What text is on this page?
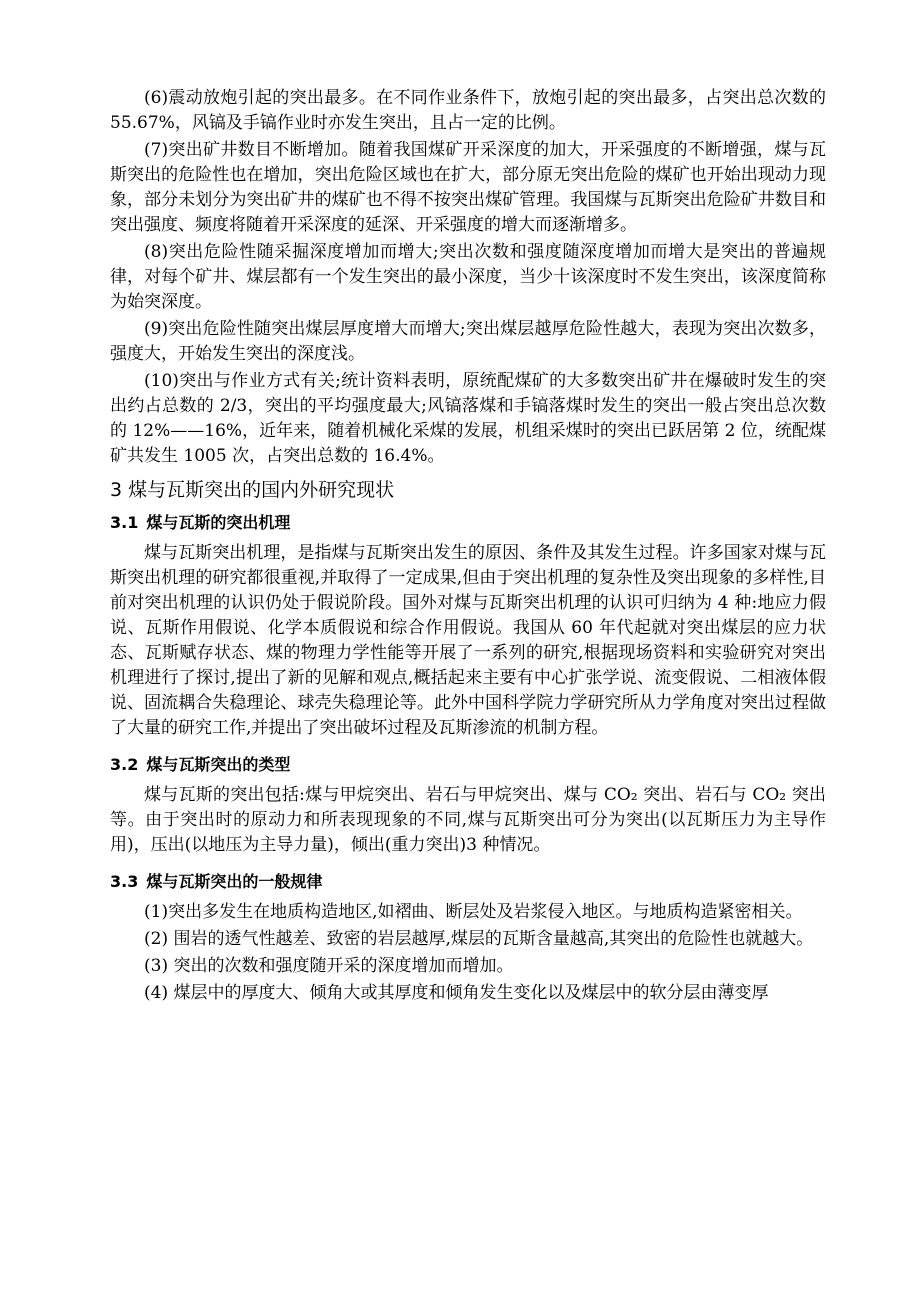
(6)震动放炮引起的突出最多。在不同作业条件下，放炮引起的突出最多，占突出总次数的 55.67%，风镐及手镐作业时亦发生突出，且占一定的比例。

(7)突出矿井数目不断增加。随着我国煤矿开采深度的加大，开采强度的不断增强，煤与瓦斯突出的危险性也在增加，突出危险区域也在扩大，部分原无突出危险的煤矿也开始出现动力现象，部分未划分为突出矿井的煤矿也不得不按突出煤矿管理。我国煤与瓦斯突出危险矿井数目和突出强度、频度将随着开采深度的延深、开采强度的增大而逐渐增多。

(8)突出危险性随采掘深度增加而增大;突出次数和强度随深度增加而增大是突出的普遍规律，对每个矿井、煤层都有一个发生突出的最小深度，当少十该深度时不发生突出，该深度简称为始突深度。

(9)突出危险性随突出煤层厚度增大而增大;突出煤层越厚危险性越大，表现为突出次数多，强度大，开始发生突出的深度浅。

(10)突出与作业方式有关;统计资料表明，原统配煤矿的大多数突出矿井在爆破时发生的突出约占总数的 2/3，突出的平均强度最大;风镐落煤和手镐落煤时发生的突出一般占突出总次数的 12%——16%，近年来，随着机械化采煤的发展，机组采煤时的突出已跃居第 2 位，统配煤矿共发生 1005 次，占突出总数的 16.4%。

3 煤与瓦斯突出的国内外研究现状
3.1 煤与瓦斯的突出机理

煤与瓦斯突出机理，是指煤与瓦斯突出发生的原因、条件及其发生过程。许多国家对煤与瓦斯突出机理的研究都很重视,并取得了一定成果,但由于突出机理的复杂性及突出现象的多样性,目前对突出机理的认识仍处于假说阶段。国外对煤与瓦斯突出机理的认识可归纳为 4 种:地应力假说、瓦斯作用假说、化学本质假说和综合作用假说。我国从 60 年代起就对突出煤层的应力状态、瓦斯赋存状态、煤的物理力学性能等开展了一系列的研究,根据现场资料和实验研究对突出机理进行了探讨,提出了新的见解和观点,概括起来主要有中心扩张学说、流变假说、二相液体假说、固流耦合失稳理论、球壳失稳理论等。此外中国科学院力学研究所从力学角度对突出过程做了大量的研究工作,并提出了突出破坏过程及瓦斯渗流的机制方程。

3.2 煤与瓦斯突出的类型

煤与瓦斯的突出包括:煤与甲烷突出、岩石与甲烷突出、煤与 CO₂ 突出、岩石与 CO₂ 突出等。由于突出时的原动力和所表现现象的不同,煤与瓦斯突出可分为突出(以瓦斯压力为主导作用)，压出(以地压为主导力量)，倾出(重力突出)3 种情况。

3.3 煤与瓦斯突出的一般规律

(1)突出多发生在地质构造地区,如褶曲、断层处及岩浆侵入地区。与地质构造紧密相关。

(2) 围岩的透气性越差、致密的岩层越厚,煤层的瓦斯含量越高,其突出的危险性也就越大。

(3) 突出的次数和强度随开采的深度增加而增加。

(4) 煤层中的厚度大、倾角大或其厚度和倾角发生变化以及煤层中的软分层由薄变厚
